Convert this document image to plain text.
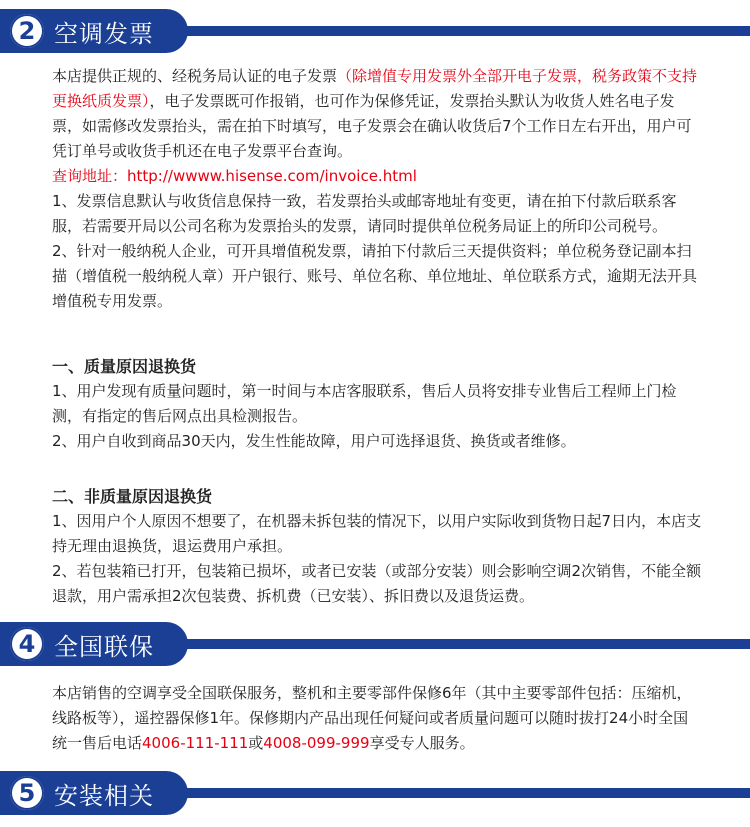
2 空调发票

本店提供正规的、经税务局认证的电子发票（除增值专用发票外全部开电子发票，税务政策不支持更换纸质发票），电子发票既可作报销，也可作为保修凭证，发票抬头默认为收货人姓名电子发票，如需修改发票抬头，需在拍下时填写，电子发票会在确认收货后7个工作日左右开出，用户可凭订单号或收货手机还在电子发票平台查询。

查询地址：http://wwww.hisense.com/invoice.html

1、发票信息默认与收货信息保持一致，若发票抬头或邮寄地址有变更，请在拍下付款后联系客服，若需要开局以公司名称为发票抬头的发票，请同时提供单位税务局证上的所印公司税号。

2、针对一般纳税人企业，可开具增值税发票，请拍下付款后三天提供资料；单位税务登记副本扫描（增值税一般纳税人章）开户银行、账号、单位名称、单位地址、单位联系方式，逾期无法开具增值税专用发票。

一、质量原因退换货

1、用户发现有质量问题时，第一时间与本店客服联系，售后人员将安排专业售后工程师上门检测，有指定的售后网点出具检测报告。

2、用户自收到商品30天内，发生性能故障，用户可选择退货、换货或者维修。

二、非质量原因退换货

1、因用户个人原因不想要了，在机器未拆包装的情况下，以用户实际收到货物日起7日内，本店支持无理由退换货，退运费用户承担。

2、若包装箱已打开，包装箱已损坏，或者已安装（或部分安装）则会影响空调2次销售，不能全额退款，用户需承担2次包装费、拆机费（已安装）、拆旧费以及退货运费。

4 全国联保

本店销售的空调享受全国联保服务，整机和主要零部件保修6年（其中主要零部件包括：压缩机，线路板等），遥控器保修1年。保修期内产品出现任何疑问或者质量问题可以随时拔打24小时全国统一售后电话4006-111-111或4008-099-999享受专人服务。

5 安装相关
